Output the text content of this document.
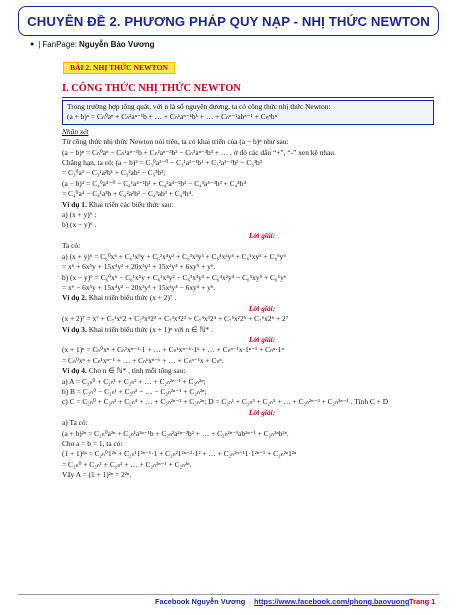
CHUYÊN ĐỀ 2. PHƯƠNG PHÁP QUY NẠP - NHỊ THỨC NEWTON
● | FanPage: Nguyễn Bảo Vương
BÀI 2. NHỊ THỨC NEWTON
I. CÔNG THỨC NHỊ THỨC NEWTON
Trong trường hợp tổng quát, với n là số nguyên dương, ta có công thức nhị thức Newton:
(a + b)ⁿ = Cₙ⁰aⁿ + Cₙ¹aⁿ⁻¹b + … + Cₙᵏaⁿ⁻ᵏbᵏ + … + Cₙⁿ⁻¹abⁿ⁻¹ + Cₙⁿbⁿ
Nhận xét
Từ công thức nhị thức Newton nói trên, ta có khai triển của (a − b)ⁿ như sau:
(a − b)ⁿ = Cₙ⁰aⁿ − Cₙ¹aⁿ⁻¹b + Cₙ²aⁿ⁻²b² − Cₙ³aⁿ⁻³b³ + … , ở đó các dấu “+”, “-” xen kẽ nhau.
Chẳng hạn, ta có: (a − b)³ = C₃⁰a³⁻⁰ − C₃¹a³⁻¹b¹ + C₃²a³⁻²b² − C₃³b³
= C₃⁰a³ − C₃¹a²b¹ + C₃²ab² − C₃³b³;
(a − b)⁴ = C₄⁰a⁴⁻⁰ − C₄¹a⁴⁻¹b¹ + C₄²a⁴⁻²b² − C₄³a⁴⁻³b³ + C₄⁴b⁴
= C₄⁰a⁴ − C₄¹a³b + C₄²a²b² − C₄³ab³ + C₄⁴b⁴.
Ví dụ 1. Khai triển các biểu thức sau:
a) (x + y)⁶ ;
b) (x − y)⁶ .
Lời giải:
Ta có:
a) (x + y)⁶ = C₆⁰x⁶ + C₆¹x⁵y + C₆²x⁴y² + C₆³x³y³ + C₆⁴x²y⁴ + C₆⁵xy⁵ + C₆⁶y⁶
= x⁶ + 6x⁵y + 15x⁴y² + 20x³y³ + 15x²y⁴ + 6xy⁵ + y⁶.
b) (x − y)⁶ = C₆⁰x⁶ − C₆¹x⁵y + C₆²x⁴y² − C₆³x³y³ + C₆⁴x²y⁴ − C₆⁵xy⁵ + C₆⁶y⁶
= x⁶ − 6x⁵y + 15x⁴y² − 20x³y³ + 15x²y⁴ − 6xy⁵ + y⁶.
Ví dụ 2. Khai triển biểu thức (x + 2)⁷ .
Lời giải:
(x + 2)⁷ = x⁷ + C₇¹x⁶2 + C₇²x⁵2² + C₇³x⁴2³ + C₇⁴x³2⁴ + C₇⁵x²2⁵ + C₇⁶x2⁶ + 2⁷
Ví dụ 3. Khai triển biểu thức (x + 1)ⁿ với n ∈ ℕ* .
Lời giải:
(x + 1)ⁿ = Cₙ⁰xⁿ + Cₙ¹xⁿ⁻¹·1 + … + Cₙᵏxⁿ⁻ᵏ·1ᵏ + … + Cₙⁿ⁻¹x·1ⁿ⁻¹ + Cₙⁿ·1ⁿ
= Cₙ⁰xⁿ + Cₙ¹xⁿ⁻¹ + … + Cₙᵏxⁿ⁻ᵏ + … + Cₙⁿ⁻¹x + Cₙⁿ.
Ví dụ 4. Cho n ∈ ℕ* , tính mỗi tổng sau:
a) A = C₂ₙ⁰ + C₂ₙ¹ + C₂ₙ² + … + C₂ₙ²ⁿ⁻¹ + C₂ₙ²ⁿ;
b) B = C₂ₙ⁰ − C₂ₙ¹ + C₂ₙ² − … − C₂ₙ²ⁿ⁻¹ + C₂ₙ²ⁿ;
c) C = C₂ₙ⁰ + C₂ₙ² + C₂ₙ⁴ + … + C₂ₙ²ⁿ⁻² + C₂ₙ²ⁿ; D = C₂ₙ¹ + C₂ₙ³ + C₂ₙ⁵ + … + C₂ₙ²ⁿ⁻³ + C₂ₙ²ⁿ⁻¹ . Tính C + D
Lời giải:
a) Ta có:
(a + b)²ⁿ = C₂ₙ⁰a²ⁿ + C₂ₙ¹a²ⁿ⁻¹b + C₂ₙ²a²ⁿ⁻²b² + … + C₂ₙ²ⁿ⁻¹ab²ⁿ⁻¹ + C₂ₙ²ⁿb²ⁿ.
Cho a = b = 1, ta có:
(1 + 1)²ⁿ = C₂ₙ⁰1²ⁿ + C₂ₙ¹1²ⁿ⁻¹·1 + C₂ₙ²1²ⁿ⁻²·1² + … + C₂ₙ²ⁿ⁻¹1·1²ⁿ⁻¹ + C₂ₙ²ⁿ1²ⁿ
= C₂ₙ⁰ + C₂ₙ¹ + C₂ₙ² + … + C₂ₙ²ⁿ⁻¹ + C₂ₙ²ⁿ.
Vậy A = (1 + 1)²ⁿ = 2²ⁿ.
Facebook Nguyễn Vương https://www.facebook.com/phong.baovuong Trang 1
